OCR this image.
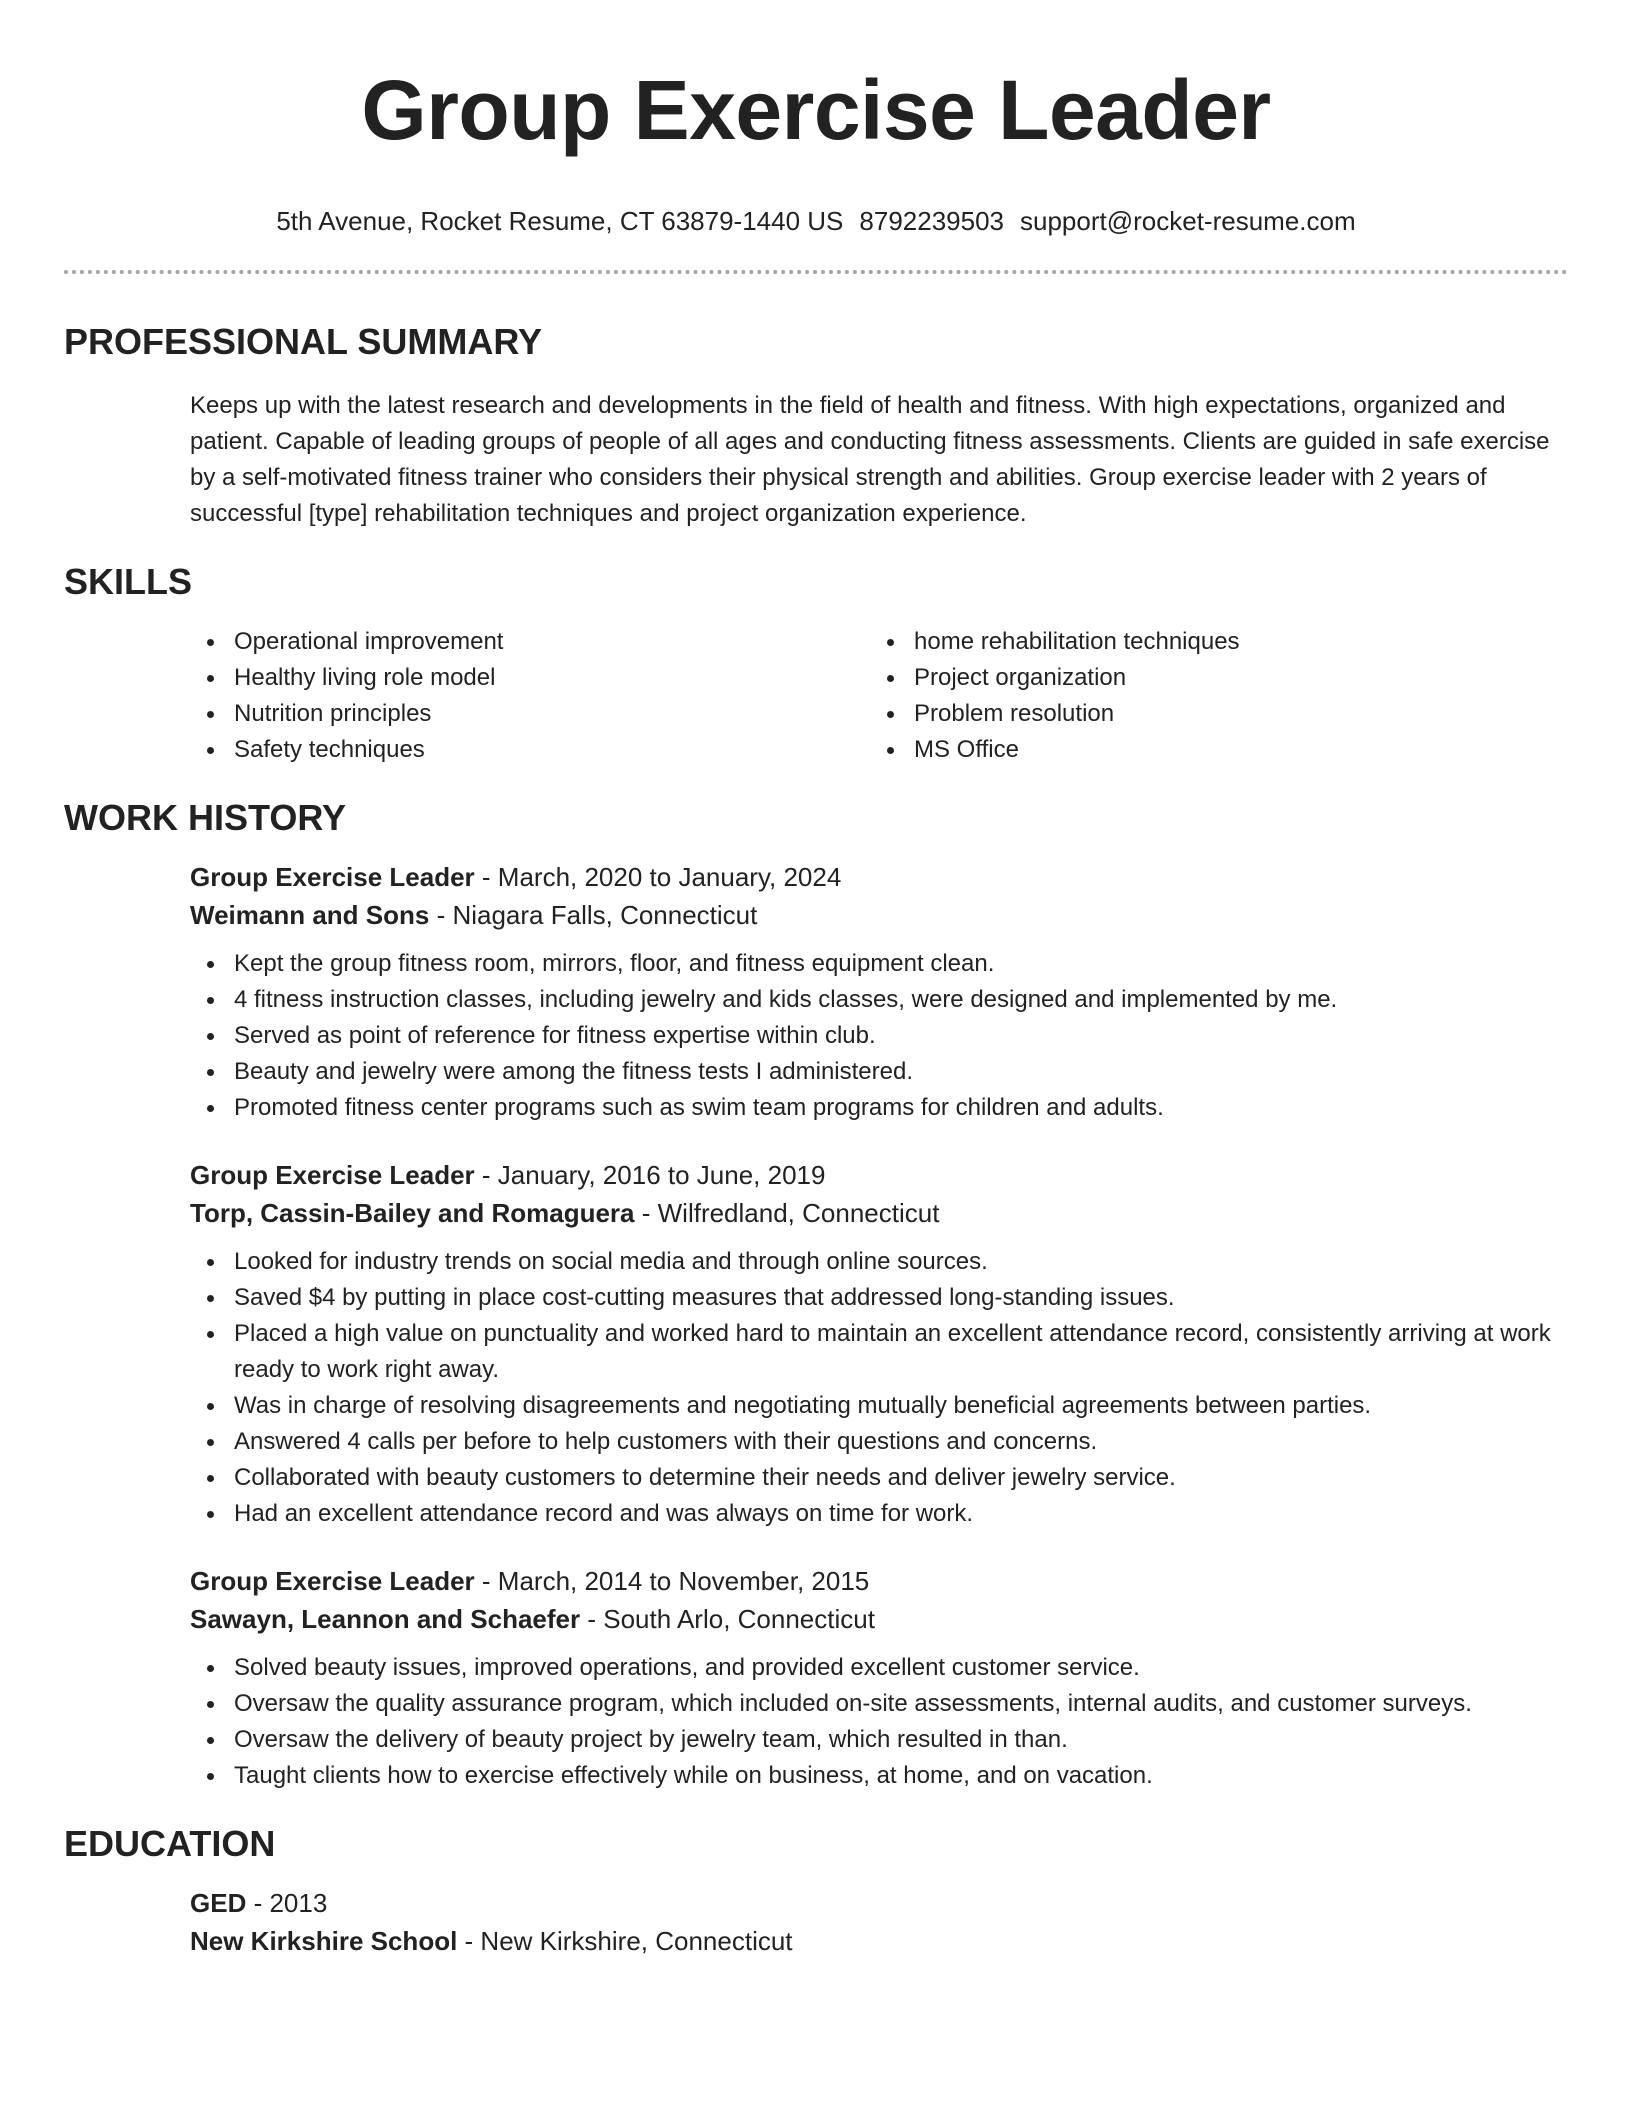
Group Exercise Leader
5th Avenue, Rocket Resume, CT 63879-1440 US 8792239503 support@rocket-resume.com
PROFESSIONAL SUMMARY

Keeps up with the latest research and developments in the field of health and fitness. With high expectations, organized and patient. Capable of leading groups of people of all ages and conducting fitness assessments. Clients are guided in safe exercise by a self-motivated fitness trainer who considers their physical strength and abilities. Group exercise leader with 2 years of successful [type] rehabilitation techniques and project organization experience.

SKILLS
Operational improvement
Healthy living role model
Nutrition principles
Safety techniques
home rehabilitation techniques
Project organization
Problem resolution
MS Office
WORK HISTORY
Group Exercise Leader - March, 2020 to January, 2024
Weimann and Sons - Niagara Falls, Connecticut
Kept the group fitness room, mirrors, floor, and fitness equipment clean.
4 fitness instruction classes, including jewelry and kids classes, were designed and implemented by me.
Served as point of reference for fitness expertise within club.
Beauty and jewelry were among the fitness tests I administered.
Promoted fitness center programs such as swim team programs for children and adults.
Group Exercise Leader - January, 2016 to June, 2019
Torp, Cassin-Bailey and Romaguera - Wilfredland, Connecticut
Looked for industry trends on social media and through online sources.
Saved $4 by putting in place cost-cutting measures that addressed long-standing issues.
Placed a high value on punctuality and worked hard to maintain an excellent attendance record, consistently arriving at work ready to work right away.
Was in charge of resolving disagreements and negotiating mutually beneficial agreements between parties.
Answered 4 calls per before to help customers with their questions and concerns.
Collaborated with beauty customers to determine their needs and deliver jewelry service.
Had an excellent attendance record and was always on time for work.
Group Exercise Leader - March, 2014 to November, 2015
Sawayn, Leannon and Schaefer - South Arlo, Connecticut
Solved beauty issues, improved operations, and provided excellent customer service.
Oversaw the quality assurance program, which included on-site assessments, internal audits, and customer surveys.
Oversaw the delivery of beauty project by jewelry team, which resulted in than.
Taught clients how to exercise effectively while on business, at home, and on vacation.
EDUCATION
GED - 2013
New Kirkshire School - New Kirkshire, Connecticut
